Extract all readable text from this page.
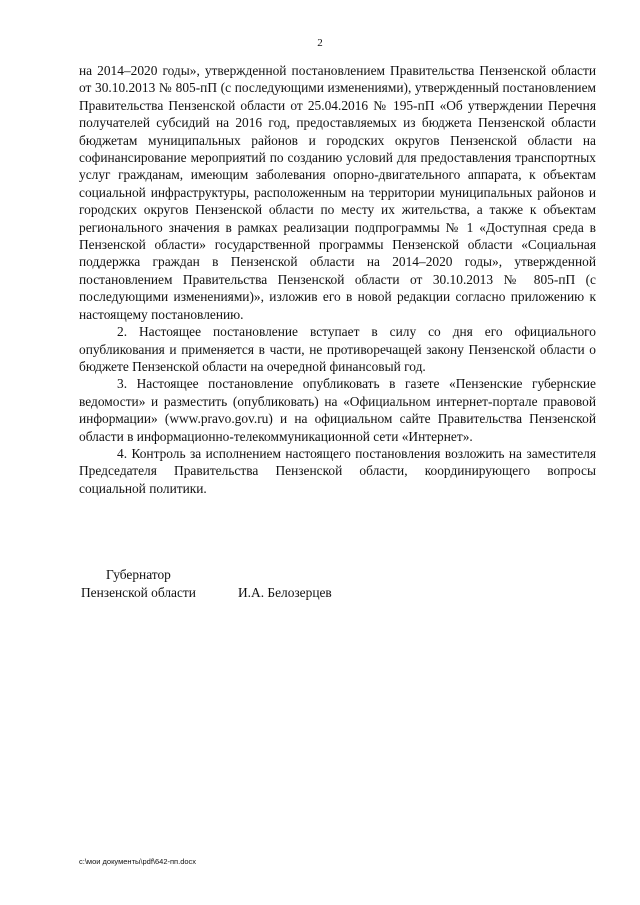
2

на 2014–2020 годы», утвержденной постановлением Правительства Пензенской области от 30.10.2013 № 805-пП (с последующими изменениями), утвержденный постановлением Правительства Пензенской области от 25.04.2016 № 195-пП «Об утверждении Перечня получателей субсидий на 2016 год, предоставляемых из бюджета Пензенской области бюджетам муниципальных районов и городских округов Пензенской области на софинансирование мероприятий по созданию условий для предоставления транспортных услуг гражданам, имеющим заболевания опорно-двигательного аппарата, к объектам социальной инфраструктуры, расположенным на территории муниципальных районов и городских округов Пензенской области по месту их жительства, а также к объектам регионального значения в рамках реализации подпрограммы № 1 «Доступная среда в Пензенской области» государственной программы Пензенской области «Социальная поддержка граждан в Пензенской области на 2014–2020 годы», утвержденной постановлением Правительства Пензенской области от 30.10.2013 № 805-пП (с последующими изменениями)», изложив его в новой редакции согласно приложению к настоящему постановлению.

2. Настоящее постановление вступает в силу со дня его официального опубликования и применяется в части, не противоречащей закону Пензенской области о бюджете Пензенской области на очередной финансовый год.

3. Настоящее постановление опубликовать в газете «Пензенские губернские ведомости» и разместить (опубликовать) на «Официальном интернет-портале правовой информации» (www.pravo.gov.ru) и на официальном сайте Правительства Пензенской области в информационно-телекоммуникационной сети «Интернет».

4. Контроль за исполнением настоящего постановления возложить на заместителя Председателя Правительства Пензенской области, координирующего вопросы социальной политики.

Губернатор
Пензенской области	И.А. Белозерцев
c:\мои документы\pdf\642-пп.docx
